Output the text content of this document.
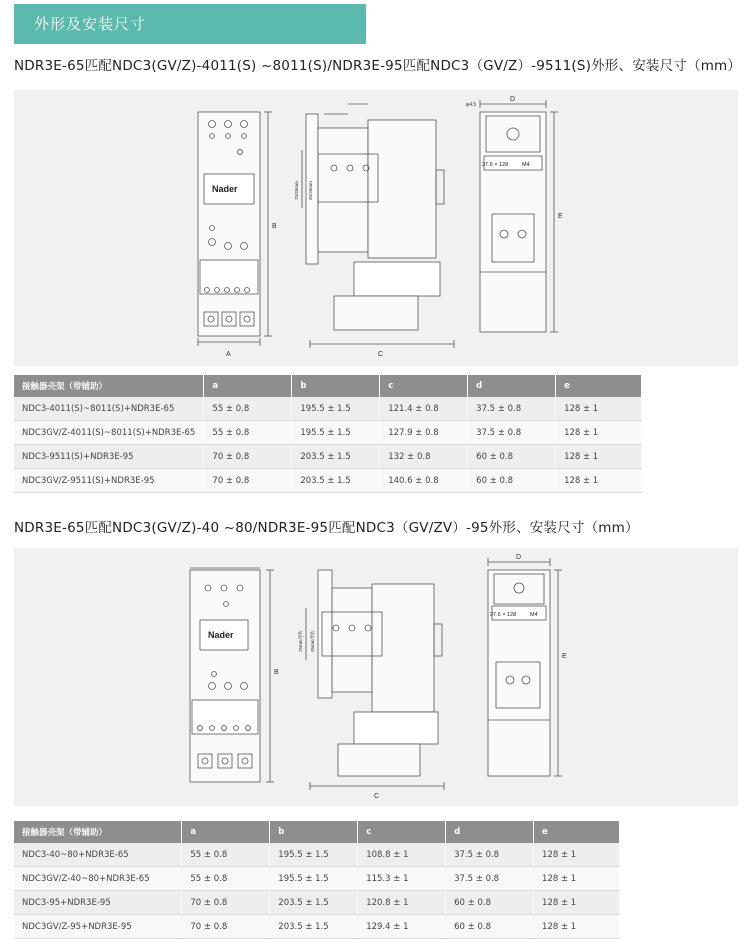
外形及安装尺寸
NDR3E-65匹配NDC3(GV/Z)-4011(S) ~8011(S)/NDR3E-95匹配NDC3（GV/Z）-9511(S)外形、安装尺寸（mm）
Nader
A
B
C
D
E
φ4.5
37.6 × 128	M4
75/35mm 35/35mm
接触器壳架（带辅助）	a	b	c	d	e
NDC3-4011(S)~8011(S)+NDR3E-65	55 ± 0.8	195.5 ± 1.5	121.4 ± 0.8	37.5 ± 0.8	128 ± 1
NDC3GV/Z-4011(S)~8011(S)+NDR3E-65	55 ± 0.8	195.5 ± 1.5	127.9 ± 0.8	37.5 ± 0.8	128 ± 1
NDC3-9511(S)+NDR3E-95	70 ± 0.8	203.5 ± 1.5	132 ± 0.8	60 ± 0.8	128 ± 1
NDC3GV/Z-9511(S)+NDR3E-95	70 ± 0.8	203.5 ± 1.5	140.6 ± 0.8	60 ± 0.8	128 ± 1
NDR3E-65匹配NDC3(GV/Z)-40 ~80/NDR3E-95匹配NDC3（GV/ZV）-95外形、安装尺寸（mm）
Nader
B
C
D
E
37.6 × 128	M4
75mm导轨 35mm导轨
接触器壳架（带辅助）	a	b	c	d	e
NDC3-40~80+NDR3E-65	55 ± 0.8	195.5 ± 1.5	108.8 ± 1	37.5 ± 0.8	128 ± 1
NDC3GV/Z-40~80+NDR3E-65	55 ± 0.8	195.5 ± 1.5	115.3 ± 1	37.5 ± 0.8	128 ± 1
NDC3-95+NDR3E-95	70 ± 0.8	203.5 ± 1.5	120.8 ± 1	60 ± 0.8	128 ± 1
NDC3GV/Z-95+NDR3E-95	70 ± 0.8	203.5 ± 1.5	129.4 ± 1	60 ± 0.8	128 ± 1
